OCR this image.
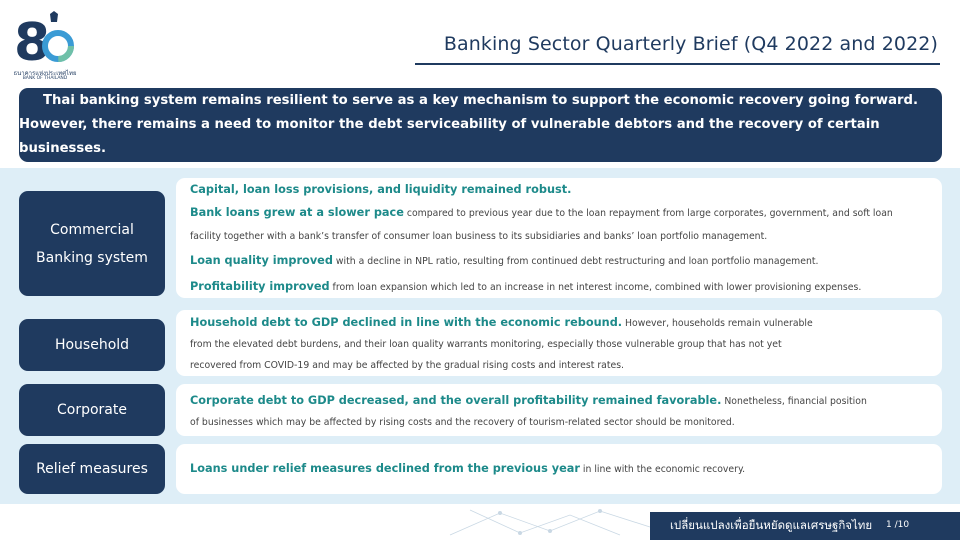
8
ธนาคารแห่งประเทศไทย
BANK OF THAILAND
Banking Sector Quarterly Brief (Q4 2022 and 2022)
Thai banking system remains resilient to serve as a key mechanism to support the economic recovery going forward.
However, there remains a need to monitor the debt serviceability of vulnerable debtors and the recovery of certain businesses.
Commercial
Banking system
Capital, loan loss provisions, and liquidity remained robust.
Bank loans grew at a slower pace compared to previous year due to the loan repayment from large corporates, government, and soft loan
facility together with a bank’s transfer of consumer loan business to its subsidiaries and banks’ loan portfolio management.
Loan quality improved with a decline in NPL ratio, resulting from continued debt restructuring and loan portfolio management.
Profitability improved from loan expansion which led to an increase in net interest income, combined with lower provisioning expenses.
Household
Household debt to GDP declined in line with the economic rebound. However, households remain vulnerable
from the elevated debt burdens, and their loan quality warrants monitoring, especially those vulnerable group that has not yet
recovered from COVID-19 and may be affected by the gradual rising costs and interest rates.
Corporate
Corporate debt to GDP decreased, and the overall profitability remained favorable. Nonetheless, financial position
of businesses which may be affected by rising costs and the recovery of tourism-related sector should be monitored.
Relief measures	Loans under relief measures declined from the previous year in line with the economic recovery.
เปลี่ยนแปลงเพื่อยืนหยัดดูแลเศรษฐกิจไทย 1 /10
